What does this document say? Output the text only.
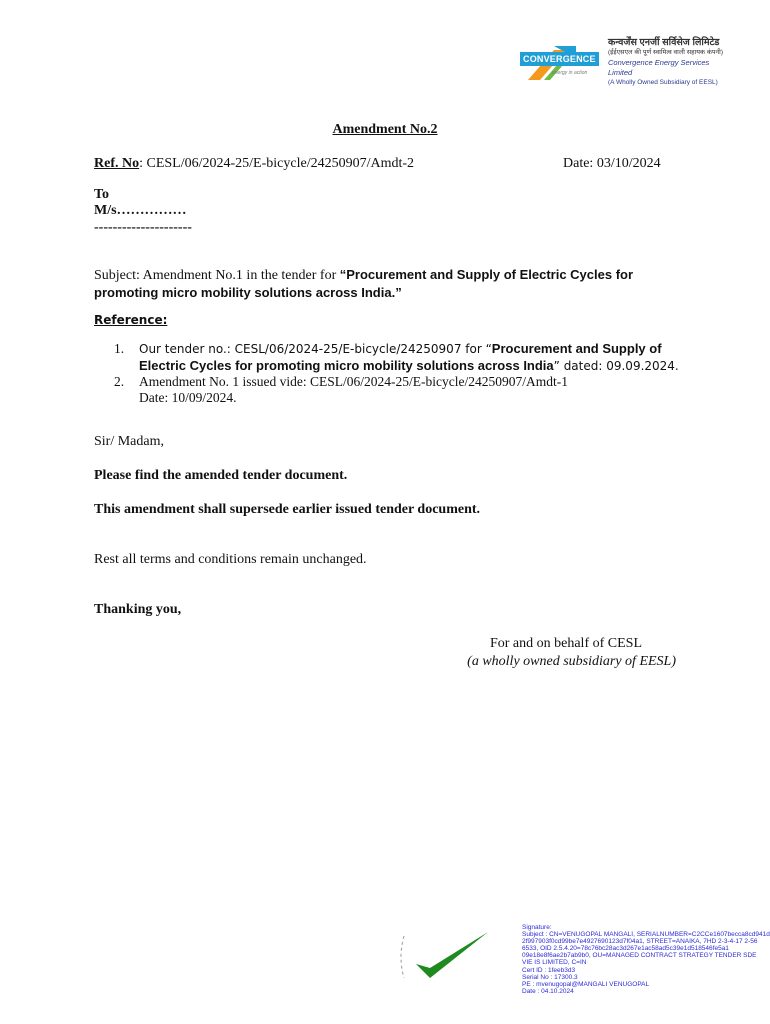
CONVERGENCE
energy in action
कन्वर्जेंस एनर्जी सर्विसेज लिमिटेड
(ईईएसएल की पूर्ण स्वामित्व वाली सहायक कंपनी)
Convergence Energy Services Limited
(A Wholly Owned Subsidiary of EESL)
Amendment No.2
Ref. No: CESL/06/2024-25/E-bicycle/24250907/Amdt-2	Date: 03/10/2024
To
M/s……………
---------------------
Subject: Amendment No.1 in the tender for “Procurement and Supply of Electric Cycles for promoting micro mobility solutions across India.”
Reference:
1. Our tender no.: CESL/06/2024-25/E-bicycle/24250907 for “Procurement and Supply of Electric Cycles for promoting micro mobility solutions across India” dated: 09.09.2024.
2. Amendment No. 1 issued vide: CESL/06/2024-25/E-bicycle/24250907/Amdt-1
Date: 10/09/2024.
Sir/ Madam,
Please find the amended tender document.
This amendment shall supersede earlier issued tender document.
Rest all terms and conditions remain unchanged.
Thanking you,
For and on behalf of CESL
(a wholly owned subsidiary of EESL)
Signature:
Subject : CN=VENUGOPAL MANGALI, SERIALNUMBER=C2CCe1607becca8cd941d
2f997903f0cd99be7e4927690123d7f04a1, STREET=ANAIKA, 7HD 2-3-4-17 2-56
6533, OID 2.5.4.20=78c76bc28ac3d267e1ac58ad5c39e1d518546fe5a1
09e18e8f6ae2b7ab9b0, OU=MANAGED CONTRACT STRATEGY TENDER SDE
VIE IS LIMITED, C=IN
Cert ID : 1feeb3d3
Serial No : 17300.3
PE : mvenugopal@MANGALI VENUGOPAL
Date : 04.10.2024
